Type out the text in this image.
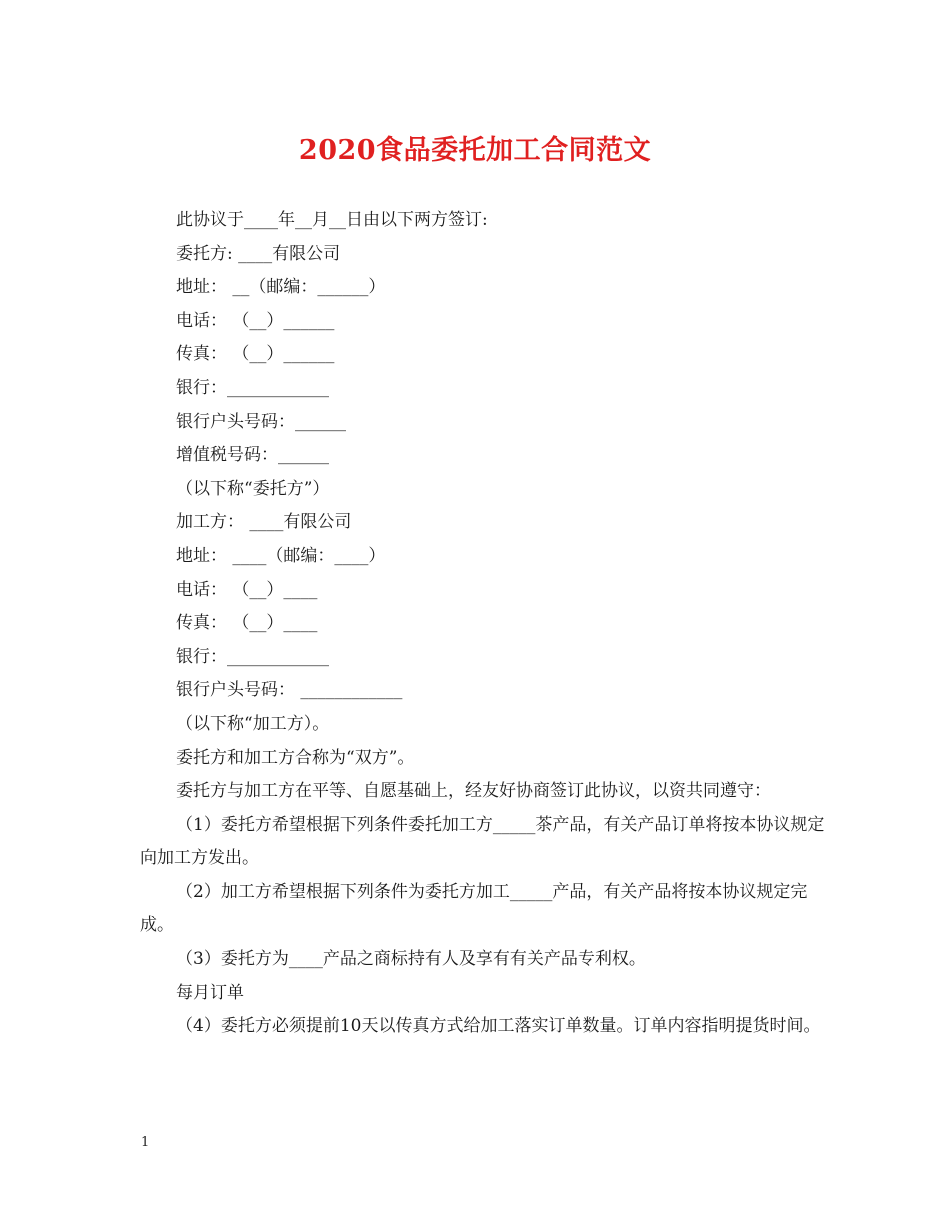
2020食品委托加工合同范文

此协议于____年__月__日由以下两方签订:

委托方: ____有限公司

地址： __（邮编：______）

电话： （__）______

传真： （__）______

银行：____________

银行户头号码：______

增值税号码：______

（以下称“委托方”）

加工方： ____有限公司

地址： ____（邮编：____）

电话： （__）____

传真： （__）____

银行：____________

银行户头号码： ____________

（以下称“加工方）。

委托方和加工方合称为“双方”。

委托方与加工方在平等、自愿基础上，经友好协商签订此协议，以资共同遵守：

（1）委托方希望根据下列条件委托加工方_____茶产品，有关产品订单将按本协议规定向加工方发出。

（2）加工方希望根据下列条件为委托方加工_____产品，有关产品将按本协议规定完成。

（3）委托方为____产品之商标持有人及享有有关产品专利权。

每月订单

（4）委托方必须提前10天以传真方式给加工落实订单数量。订单内容指明提货时间。

1
